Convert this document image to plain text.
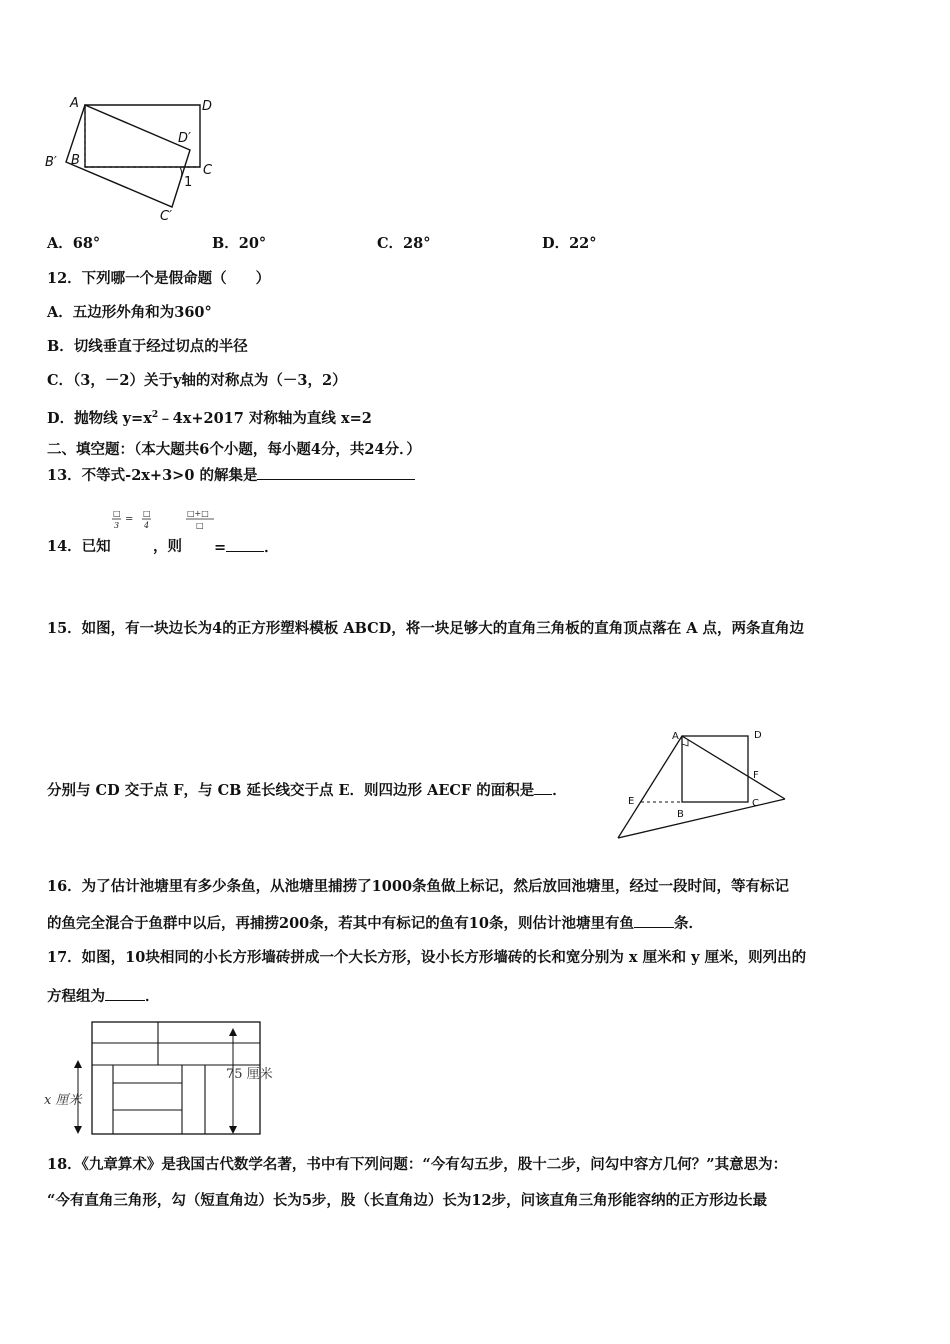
A	D
D′
B′ B
C
C′
1
A．68°	B．20°	C．28°	D．22°
12．下列哪一个是假命题（　　）
A．五边形外角和为360°
B．切线垂直于经过切点的半径
C．（3，－2）关于y轴的对称点为（－3，2）
D．抛物线 $y=x^2﹣4x+2017$ 对称轴为直线 x=2
二、填空题：（本大题共6个小题，每小题4分，共24分．）
13．不等式-2x+3>0 的解集是
□
3
=
□
4
□+□
□
14．已知	，则 =	．
15．如图，有一块边长为4的正方形塑料模板 ABCD，将一块足够大的直角三角板的直角顶点落在 A 点，两条直角边
分别与 CD 交于点 F，与 CB 延长线交于点 E．则四边形 AECF 的面积是 ．
A	D
F
E
B
C
16．为了估计池塘里有多少条鱼，从池塘里捕捞了1000条鱼做上标记，然后放回池塘里，经过一段时间，等有标记
的鱼完全混合于鱼群中以后，再捕捞200条，若其中有标记的鱼有10条，则估计池塘里有鱼	条．
17．如图，10块相同的小长方形墙砖拼成一个大长方形，设小长方形墙砖的长和宽分别为 x 厘米和 y 厘米，则列出的
方程组为	．
75 厘米
x 厘米
18．《九章算术》是我国古代数学名著，书中有下列问题：“今有勾五步，股十二步，问勾中容方几何？”其意思为：
“今有直角三角形，勾（短直角边）长为5步，股（长直角边）长为12步，问该直角三角形能容纳的正方形边长最
